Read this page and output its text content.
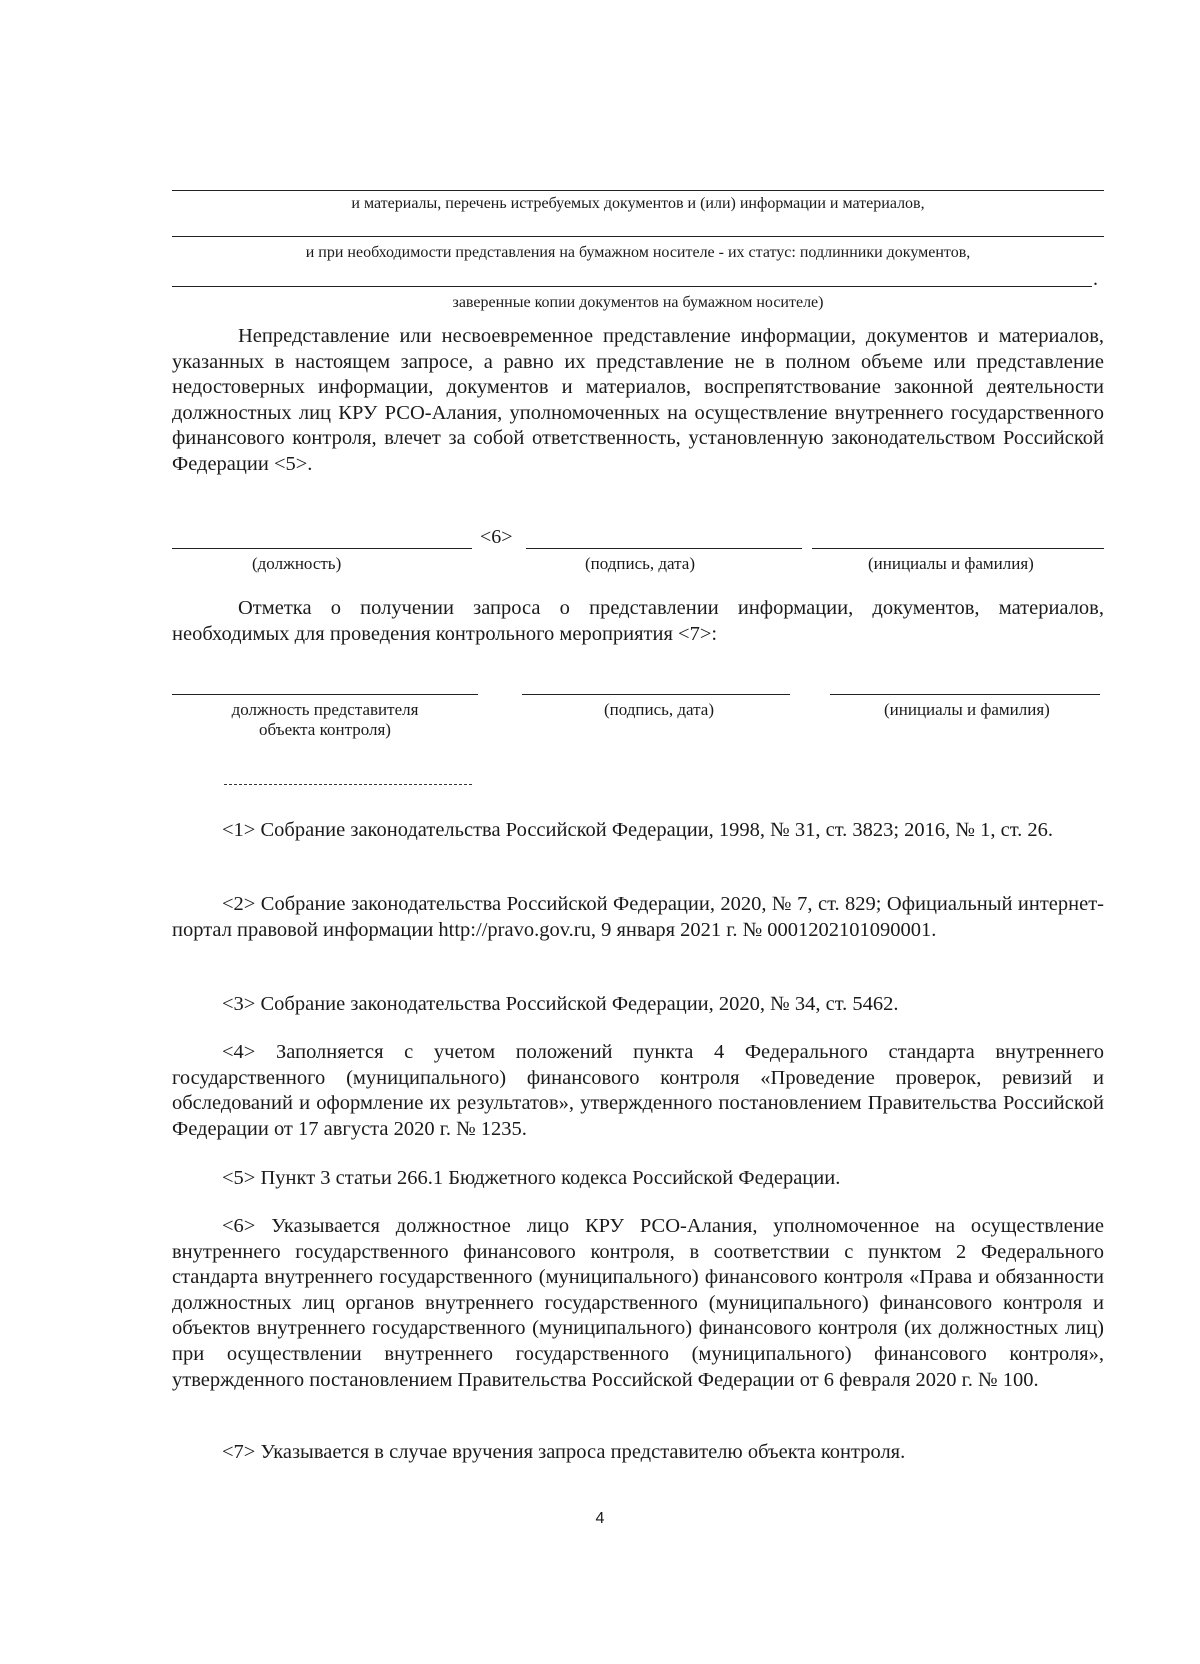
и материалы, перечень истребуемых документов и (или) информации и материалов,
и при необходимости представления на бумажном носителе - их статус: подлинники документов,
.
заверенные копии документов на бумажном носителе)

Непредставление или несвоевременное представление информации, документов и материалов, указанных в настоящем запросе, а равно их представление не в полном объеме или представление недостоверных информации, документов и материалов, воспрепятствование законной деятельности должностных лиц КРУ РСО-Алания, уполномоченных на осуществление внутреннего государственного финансового контроля, влечет за собой ответственность, установленную законодательством Российской Федерации <5>.

<6>
(должность)	(подпись, дата)	(инициалы и фамилия)

Отметка о получении запроса о представлении информации, документов, материалов, необходимых для проведения контрольного мероприятия <7>:

должность представителя объекта контроля)
(подпись, дата)	(инициалы и фамилия)

<1> Собрание законодательства Российской Федерации, 1998, № 31, ст. 3823; 2016, № 1, ст. 26.

<2> Собрание законодательства Российской Федерации, 2020, № 7, ст. 829; Официальный интернет-портал правовой информации http://pravo.gov.ru, 9 января 2021 г. № 0001202101090001.

<3> Собрание законодательства Российской Федерации, 2020, № 34, ст. 5462.

<4> Заполняется с учетом положений пункта 4 Федерального стандарта внутреннего государственного (муниципального) финансового контроля «Проведение проверок, ревизий и обследований и оформление их результатов», утвержденного постановлением Правительства Российской Федерации от 17 августа 2020 г. № 1235.

<5> Пункт 3 статьи 266.1 Бюджетного кодекса Российской Федерации.

<6> Указывается должностное лицо КРУ РСО-Алания, уполномоченное на осуществление внутреннего государственного финансового контроля, в соответствии с пунктом 2 Федерального стандарта внутреннего государственного (муниципального) финансового контроля «Права и обязанности должностных лиц органов внутреннего государственного (муниципального) финансового контроля и объектов внутреннего государственного (муниципального) финансового контроля (их должностных лиц) при осуществлении внутреннего государственного (муниципального) финансового контроля», утвержденного постановлением Правительства Российской Федерации от 6 февраля 2020 г. № 100.

<7> Указывается в случае вручения запроса представителю объекта контроля.

4
